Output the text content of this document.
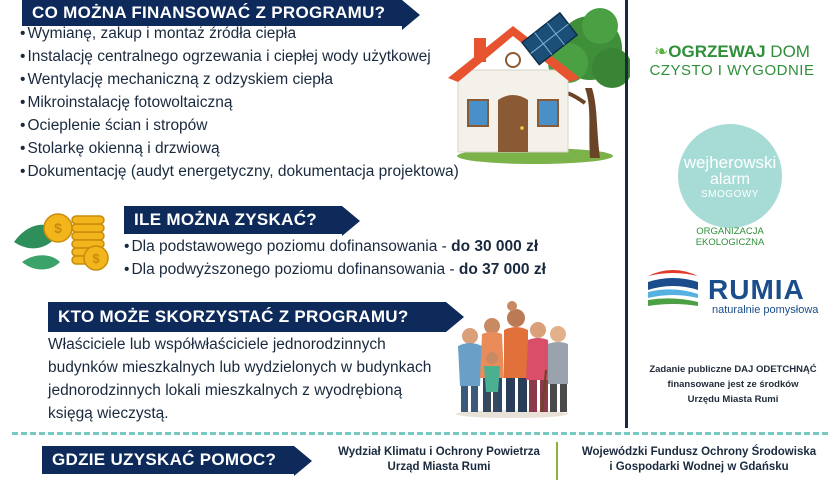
CO MOŻNA FINANSOWAĆ Z PROGRAMU?
• Wymianę, zakup i montaż źródła ciepła
• Instalację centralnego ogrzewania i ciepłej wody użytkowej
• Wentylację mechaniczną z odzyskiem ciepła
• Mikroinstalację fotowoltaiczną
• Ocieplenie ścian i stropów
• Stolarkę okienną i drzwiową
• Dokumentację (audyt energetyczny, dokumentacja projektowa)
$
$
ILE MOŻNA ZYSKAĆ?
• Dla podstawowego poziomu dofinansowania - do 30 000 zł
• Dla podwyższonego poziomu dofinansowania - do 37 000 zł
KTO MOŻE SKORZYSTAĆ Z PROGRAMU?
Właściciele lub współwłaściciele jednorodzinnych
budynków mieszkalnych lub wydzielonych w budynkach
jednorodzinnych lokali mieszkalnych z wyodrębioną
księgą wieczystą.
GDZIE UZYSKAĆ POMOC?	Wydział Klimatu i Ochrony Powietrza
Urząd Miasta Rumi
Wojewódzki Fundusz Ochrony Środowiska
i Gospodarki Wodnej w Gdańsku
❧OGRZEWAJ DOM
CZYSTO I WYGODNIE
wejherowski
alarm
SMOGOWY
ORGANIZACJA
EKOLOGICZNA
RUMIA
naturalnie pomysłowa
Zadanie publiczne DAJ ODETCHNĄĆ
finansowane jest ze środków
Urzędu Miasta Rumi
